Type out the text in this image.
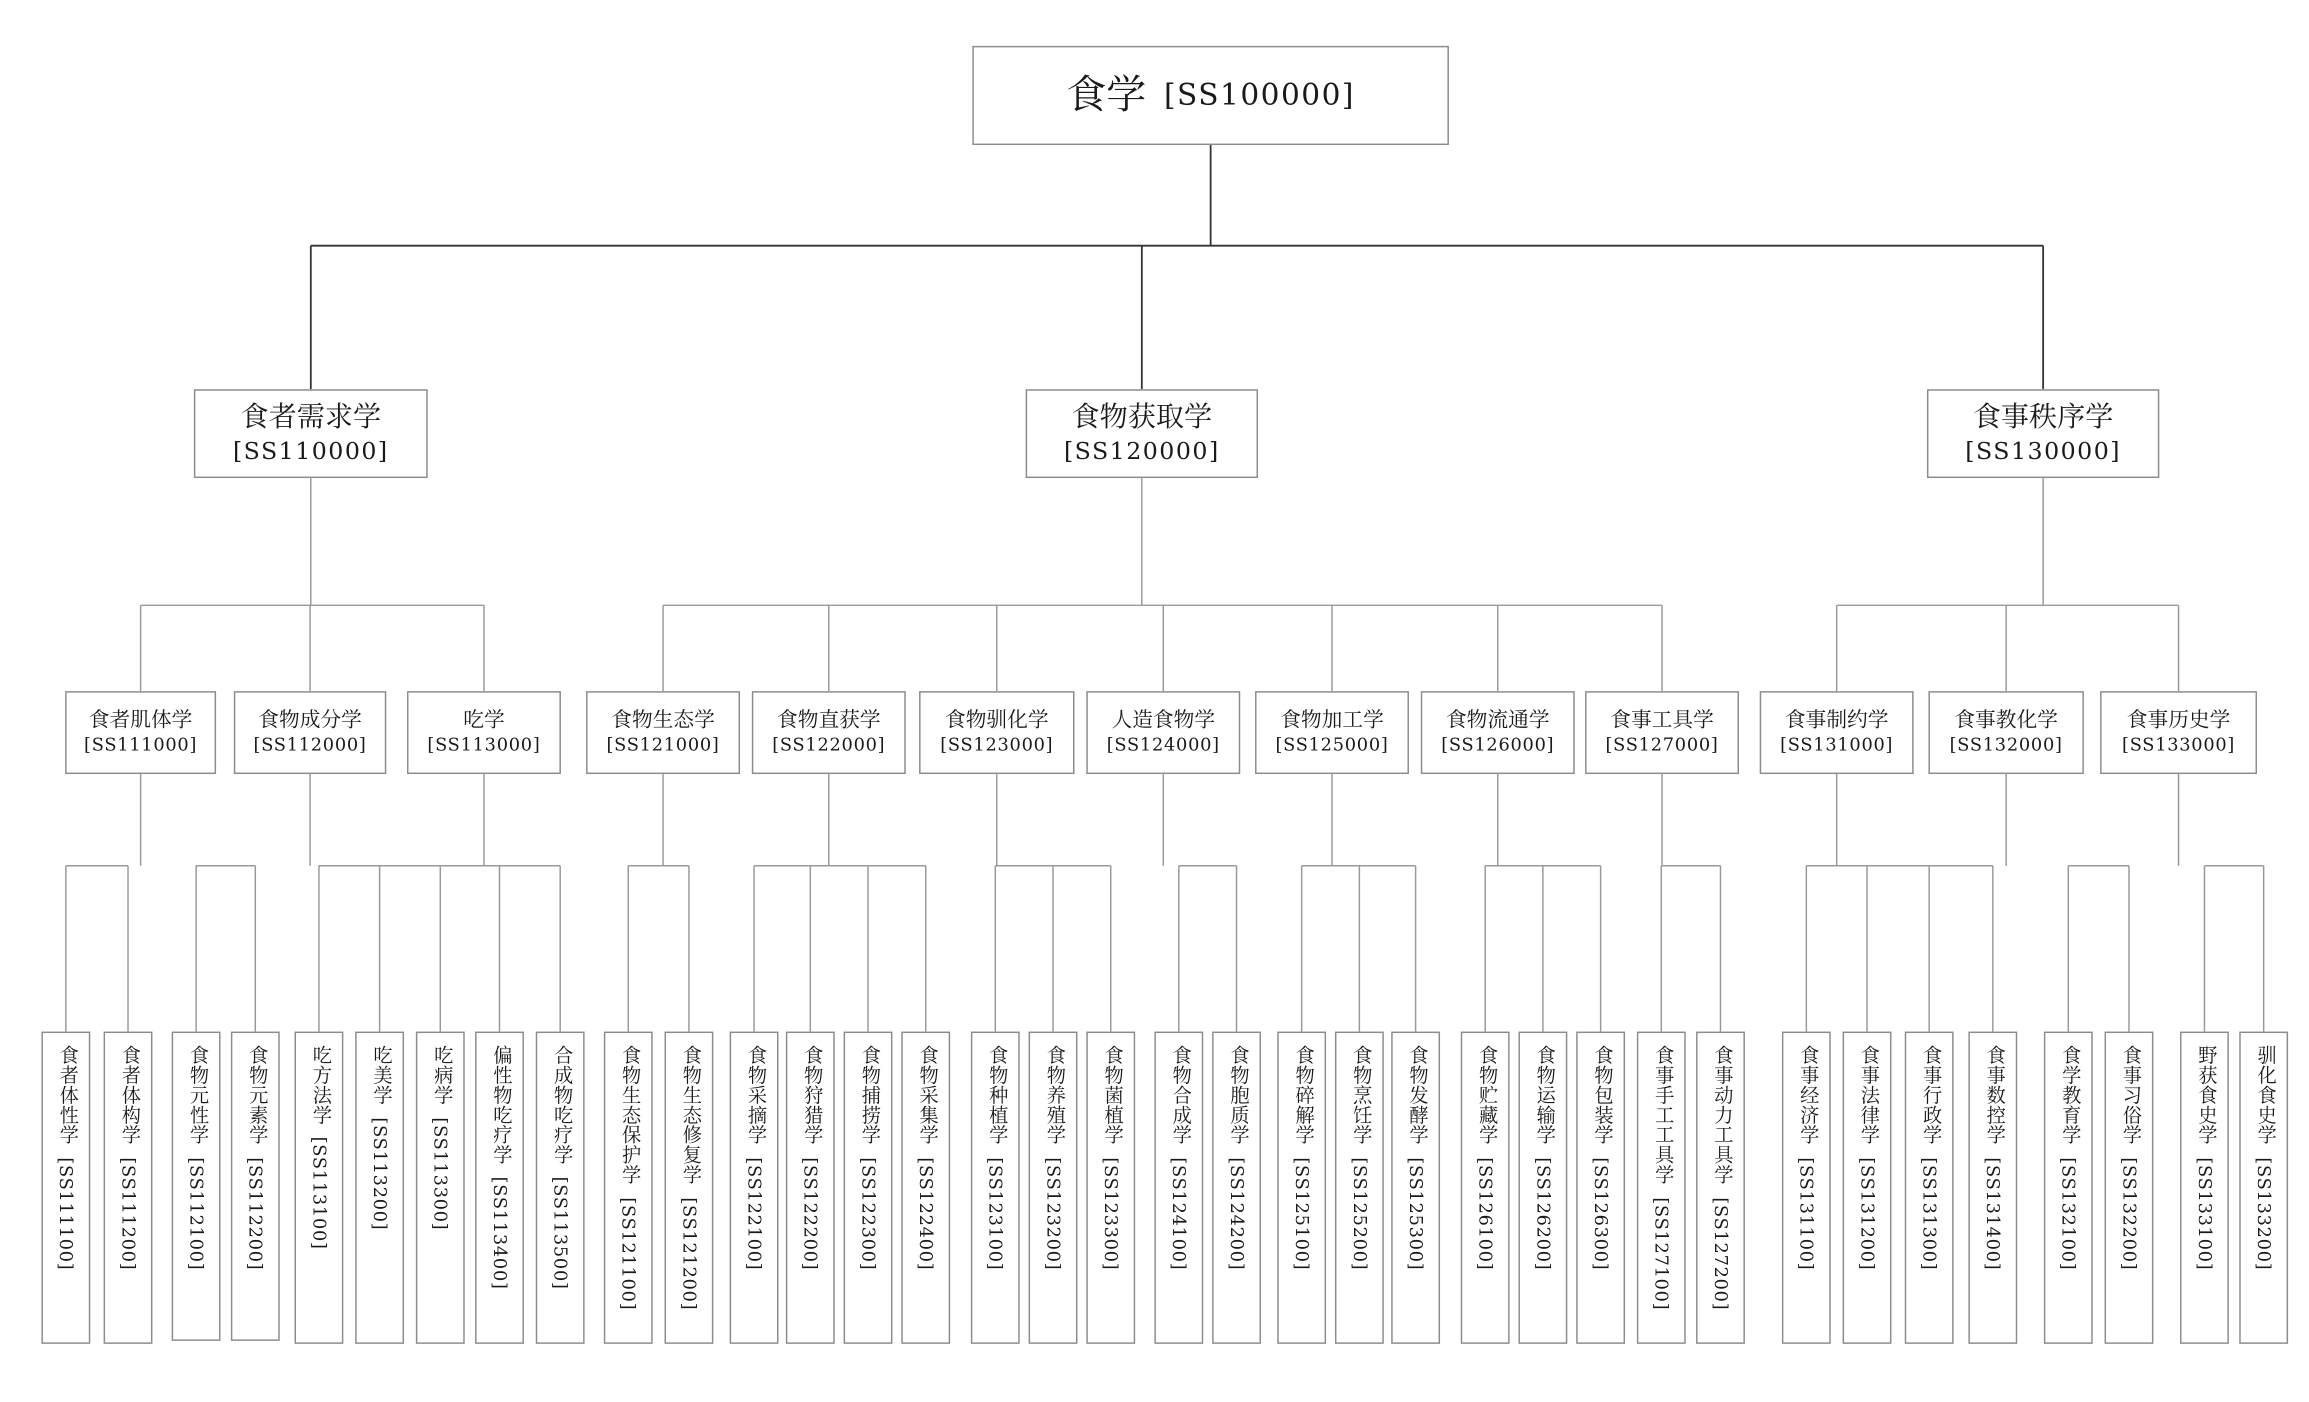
食学 [SS100000]
食者需求学
[SS110000]
食者肌体学
[SS111000]
食者体性学
[SS111100]
食者体构学
[SS111200]
食物成分学
[SS112000]
食物元性学
[SS112100]
食物元素学
[SS112200]
吃学
[SS113000]
吃方法学
[SS113100]
吃美学
[SS113200]
吃病学
[SS113300]
偏性物吃疗学
[SS113400]
合成物吃疗学
[SS113500]
食物获取学
[SS120000]
食物生态学
[SS121000]
食物生态保护学
[SS121100]
食物生态修复学
[SS121200]
食物直获学
[SS122000]
食物采摘学
[SS122100]
食物狩猎学
[SS122200]
食物捕捞学
[SS122300]
食物采集学
[SS122400]
食物驯化学
[SS123000]
食物种植学
[SS123100]
食物养殖学
[SS123200]
食物菌植学
[SS123300]
人造食物学
[SS124000]
食物合成学
[SS124100]
食物胞质学
[SS124200]
食物加工学
[SS125000]
食物碎解学
[SS125100]
食物烹饪学
[SS125200]
食物发酵学
[SS125300]
食物流通学
[SS126000]
食物贮藏学
[SS126100]
食物运输学
[SS126200]
食物包装学
[SS126300]
食事工具学
[SS127000]
食事手工工具学
[SS127100]
食事动力工具学
[SS127200]
食事秩序学
[SS130000]
食事制约学
[SS131000]
食事经济学
[SS131100]
食事法律学
[SS131200]
食事行政学
[SS131300]
食事数控学
[SS131400]
食事教化学
[SS132000]
食学教育学
[SS132100]
食事习俗学
[SS132200]
食事历史学
[SS133000]
野获食史学
[SS133100]
驯化食史学
[SS133200]
